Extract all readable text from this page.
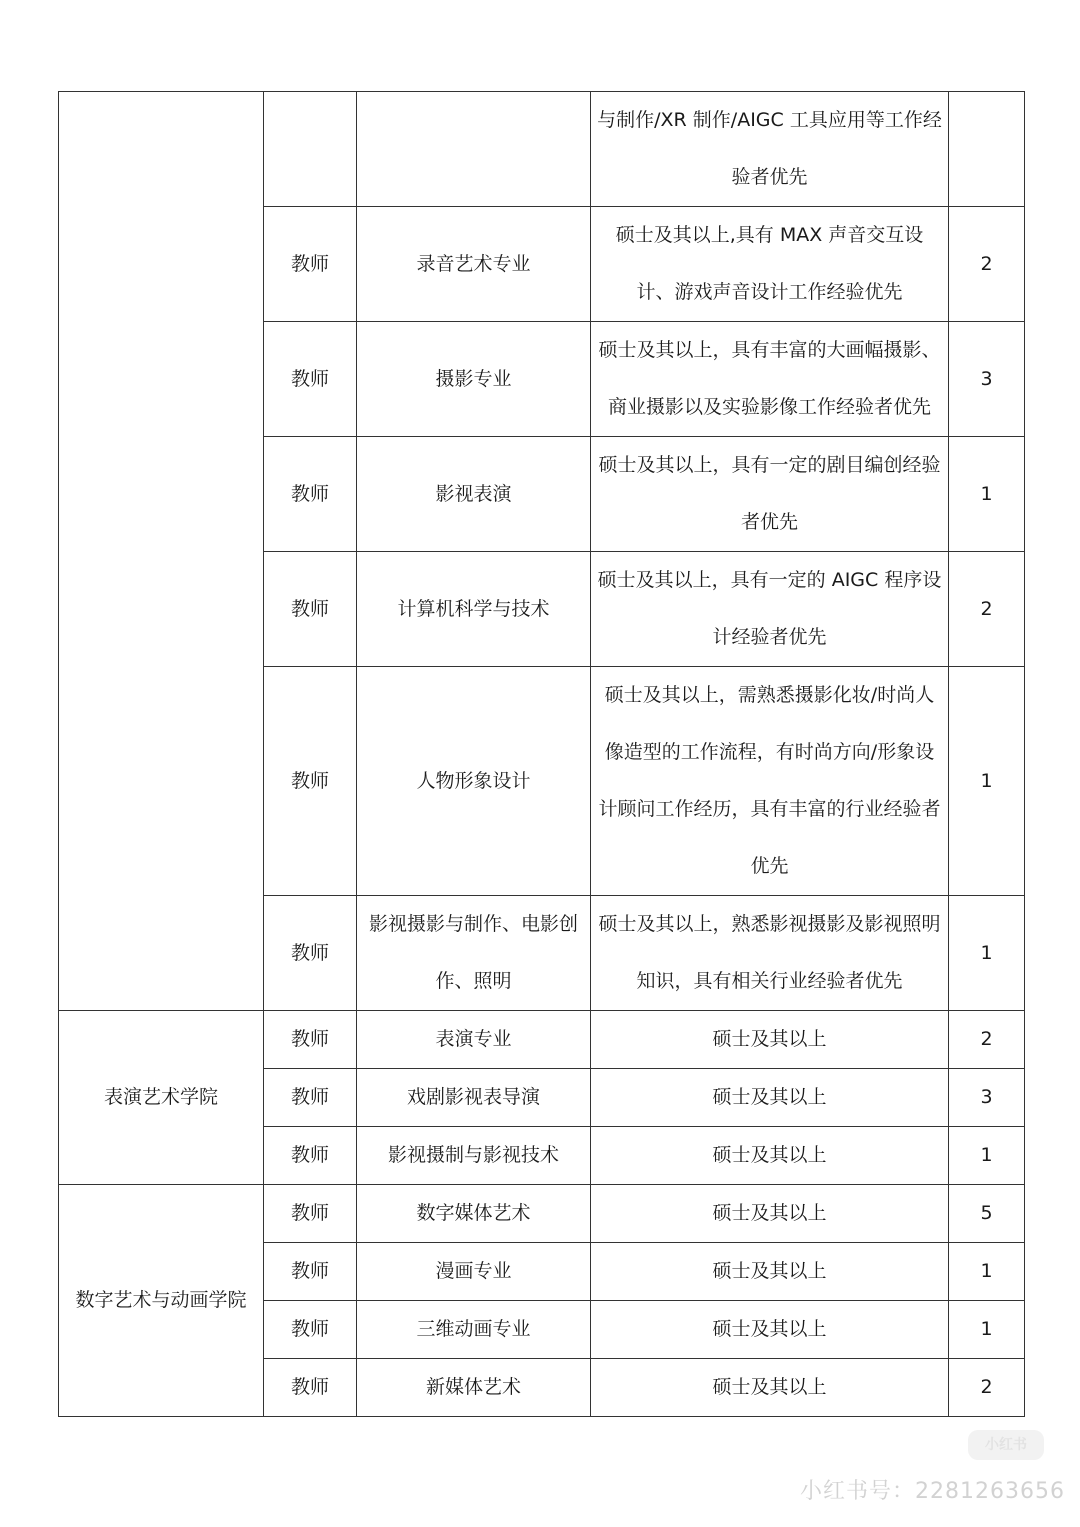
			与制作/XR 制作/AIGC 工具应用等工作经验者优先	
	教师	录音艺术专业	硕士及其以上,具有 MAX 声音交互设计、游戏声音设计工作经验优先	2
	教师	摄影专业	硕士及其以上，具有丰富的大画幅摄影、商业摄影以及实验影像工作经验者优先	3
	教师	影视表演	硕士及其以上，具有一定的剧目编创经验者优先	1
	教师	计算机科学与技术	硕士及其以上，具有一定的 AIGC 程序设计经验者优先	2
	教师	人物形象设计	硕士及其以上，需熟悉摄影化妆/时尚人像造型的工作流程，有时尚方向/形象设计顾问工作经历，具有丰富的行业经验者优先	1
	教师	影视摄影与制作、电影创作、照明	硕士及其以上，熟悉影视摄影及影视照明知识，具有相关行业经验者优先	1
表演艺术学院	教师	表演专业	硕士及其以上	2
	教师	戏剧影视表导演	硕士及其以上	3
	教师	影视摄制与影视技术	硕士及其以上	1
数字艺术与动画学院	教师	数字媒体艺术	硕士及其以上	5
	教师	漫画专业	硕士及其以上	1
	教师	三维动画专业	硕士及其以上	1
	教师	新媒体艺术	硕士及其以上	2
小红书
小红书号：2281263656
